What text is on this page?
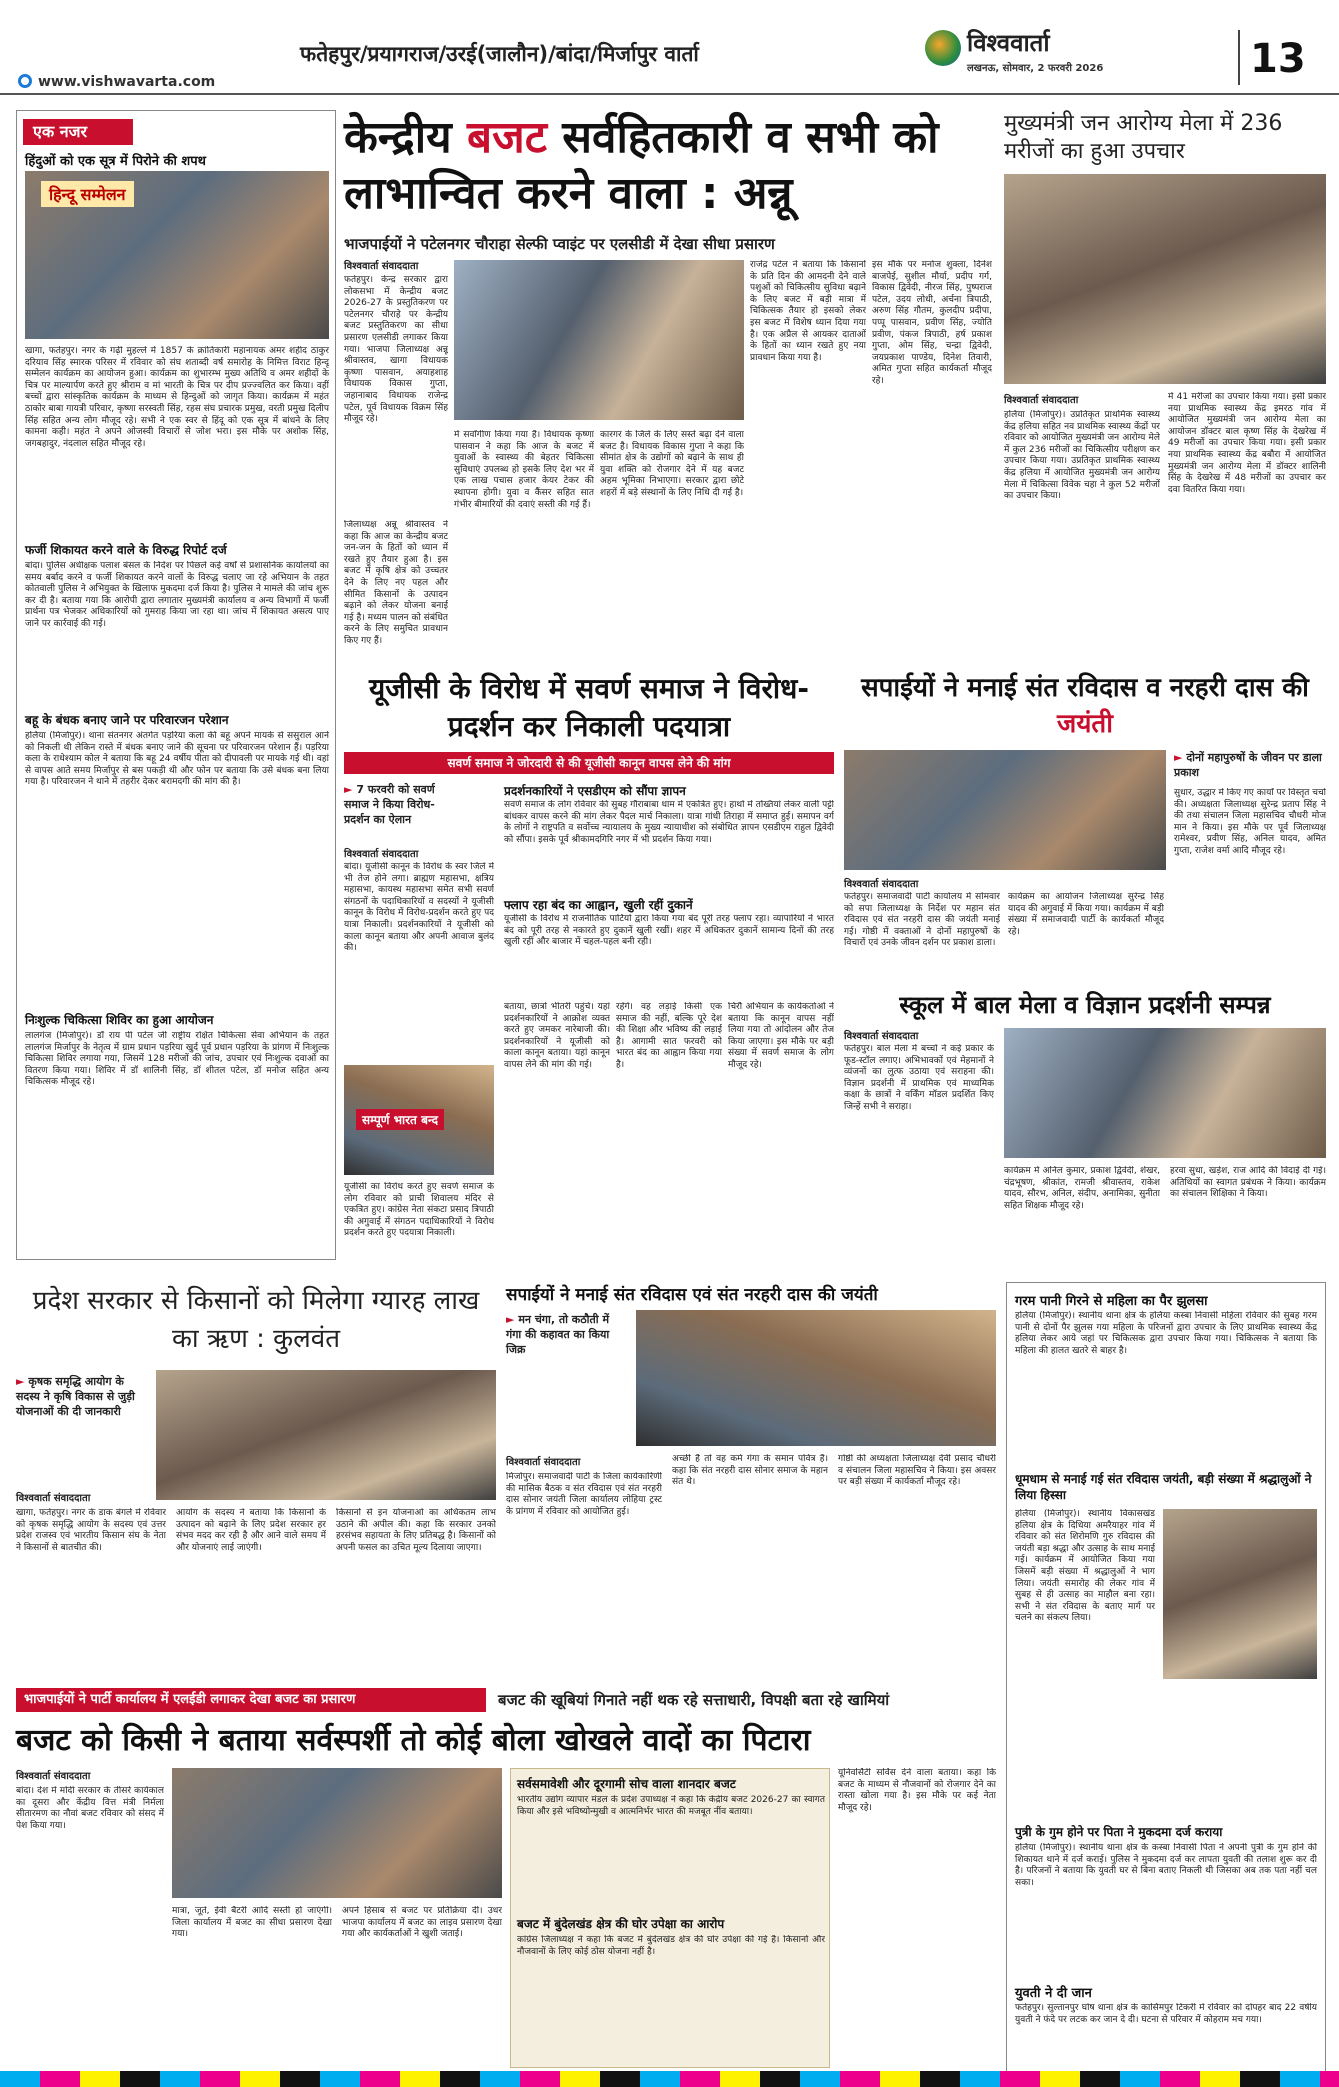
फतेहपुर/प्रयागराज/उरई(जालौन)/बांदा/मिर्जापुर वार्ता	विश्ववार्ता
लखनऊ, सोमवार, 2 फरवरी 2026	13
www.vishwavarta.com
एक नजर
हिंदुओं को एक सूत्र में पिरोने की शपथ
हिन्दू सम्मेलन
खागा, फतेहपुर। नगर के गढ़ी मुहल्ले में 1857 के क्रांतिकारी महानायक अमर शहीद ठाकुर दरियाव सिंह स्मारक परिसर में रविवार को संघ शताब्दी वर्ष समारोह के निमित्त विराट हिन्दू सम्मेलन कार्यक्रम का आयोजन हुआ। कार्यक्रम का शुभारम्भ मुख्य अतिथि व अमर शहीदों के चित्र पर माल्यार्पण करते हुए श्रीराम व मां भारती के चित्र पर दीप प्रज्ज्वलित कर किया। वहीं बच्चों द्वारा सांस्कृतिक कार्यक्रम के माध्यम से हिन्दुओं को जागृत किया। कार्यक्रम में महंत ठाकोर बाबा गायत्री परिवार, कृष्णा सरस्वती सिंह, रहस संघ प्रचारक प्रमुख, वरती प्रमुख दिलीप सिंह सहित अन्य लोग मौजूद रहे। सभी ने एक स्वर से हिंदू को एक सूत्र में बांधने के लिए कामना कही। महंत ने अपने ओजस्वी विचारों से जोश भरा। इस मौके पर अशोक सिंह, जगबहादुर, नंदलाल सहित मौजूद रहे।
फर्जी शिकायत करने वाले के विरुद्ध रिपोर्ट दर्ज
बांदा। पुलिस अधीक्षक पलाश बंसल के निर्देश पर पिछले कई वर्षों से प्रशासनिक कार्यालयों का समय बर्बाद करने व फर्जी शिकायत करने वालों के विरुद्ध चलाए जा रहे अभियान के तहत कोतवाली पुलिस ने अभियुक्त के खिलाफ मुकदमा दर्ज किया है। पुलिस ने मामले की जांच शुरू कर दी है। बताया गया कि आरोपी द्वारा लगातार मुख्यमंत्री कार्यालय व अन्य विभागों में फर्जी प्रार्थना पत्र भेजकर अधिकारियों को गुमराह किया जा रहा था। जांच में शिकायत असत्य पाए जाने पर कार्रवाई की गई।
बहू के बंधक बनाए जाने पर परिवारजन परेशान
हलिया (मिर्जापुर)। थाना संतनगर अंतर्गत पड़रिया कला की बहू अपने मायके से ससुराल आने को निकली थी लेकिन रास्ते में बंधक बनाए जाने की सूचना पर परिवारजन परेशान हैं। पड़रिया कला के राधेश्याम कोल ने बताया कि बहू 24 वर्षीय पीता को दीपावली पर मायके गई थी। वहां से वापस आते समय मिर्जापुर से बस पकड़ी थी और फोन पर बताया कि उसे बंधक बना लिया गया है। परिवारजन ने थाने में तहरीर देकर बरामदगी की मांग की है।
निःशुल्क चिकित्सा शिविर का हुआ आयोजन
लालगंज (मिर्जापुर)। डॉ राय पी पटेल जी राष्ट्रीय रक्षित चिकित्सा सेवा अभियान के तहत लालगंज मिर्जापुर के नेतृत्व में ग्राम प्रधान पड़रिया खुर्द पूर्व प्रधान पड़रिया के प्रांगण में निःशुल्क चिकित्सा शिविर लगाया गया, जिसमें 128 मरीजों की जांच, उपचार एवं निःशुल्क दवाओं का वितरण किया गया। शिविर में डॉ शालिनी सिंह, डॉ शीतल पटेल, डॉ मनोज सहित अन्य चिकित्सक मौजूद रहे।
केन्द्रीय बजट सर्वहितकारी व सभी को लाभान्वित करने वाला : अन्नू
भाजपाईयों ने पटेलनगर चौराहा सेल्फी प्वाइंट पर एलसीडी में देखा सीधा प्रसारण
विश्ववार्ता संवाददाता
फतेहपुर। केन्द्र सरकार द्वारा लोकसभा में केन्द्रीय बजट 2026-27 के प्रस्तुतिकरण पर पटेलनगर चौराहे पर केन्द्रीय बजट प्रस्तुतिकरण का सीधा प्रसारण एलसीडी लगाकर किया गया। भाजपा जिलाध्यक्ष अन्नू श्रीवास्तव, खागा विधायक कृष्णा पासवान, अयाहशाह विधायक विकास गुप्ता, जहानाबाद विधायक राजेन्द्र पटेल, पूर्व विधायक विक्रम सिंह मौजूद रहे।
जिलाध्यक्ष अन्नू श्रीवास्तव ने कहा कि आज का केन्द्रीय बजट जन-जन के हितों को ध्यान में रखते हुए तैयार हुआ है। इस बजट में कृषि क्षेत्र को उच्चतर देने के लिए नए पहल और सीमित किसानों के उत्पादन बढ़ाने को लेकर योजना बनाई गई है। मध्यम पालन को संबंधित करने के लिए समुचित प्रावधान किए गए हैं।
में सर्वांगीण किया गया है। विधायक कृष्णा पासवान ने कहा कि आज के बजट में युवाओं के स्वास्थ्य की बेहतर चिकित्सा सुविधाएं उपलब्ध हो इसके लिए देश भर में एक लाख पचास हजार केयर टेकर की स्थापना होगी। युवा व कैंसर सहित सात गंभीर बीमारियों की दवाएं सस्ती की गई हैं।
कारगर के जिले के लिए सस्ते बढ़ा देने वाला बजट है। विधायक विकास गुप्ता ने कहा कि सीमांत क्षेत्र के उद्योगों को बढ़ाने के साथ ही युवा शक्ति को रोजगार देने में यह बजट अहम भूमिका निभाएगा। सरकार द्वारा छोटे शहरों में बड़े संस्थानों के लिए निधि दी गई है।
राजेंद्र पटेल ने बताया कि किसानों के प्रति दिन की आमदनी देने वाले पशुओं को चिकित्सीय सुविधा बढ़ाने के लिए बजट में बड़ी मात्रा में चिकित्सक तैयार हो इसको लेकर इस बजट में विशेष ध्यान दिया गया है। एक अप्रैल से आयकर दाताओं के हितों का ध्यान रखते हुए नया प्रावधान किया गया है।
इस मौके पर मनोज शुक्ला, दिनेश बाजपेई, सुशील मौर्या, प्रदीप गर्ग, विकास द्विवेदी, नीरज सिंह, पुष्पराज पटेल, उदय लोधी, अर्चना त्रिपाठी, अरुण सिंह गौतम, कुलदीप प्रदीपा, पप्पू पासवान, प्रवीण सिंह, ज्योति प्रवीण, पंकज त्रिपाठी, हर्ष प्रकाश गुप्ता, ओम सिंह, चन्द्रा द्विवेदी, जयप्रकाश पाण्डेय, दिनेश तिवारी, अमित गुप्ता सहित कार्यकर्ता मौजूद रहे।
मुख्यमंत्री जन आरोग्य मेला में 236 मरीजों का हुआ उपचार
विश्ववार्ता संवाददाता
हलिया (मिर्जापुर)। उप्रतिकृत प्राथमिक स्वास्थ्य केंद्र हलिया सहित नव प्राथमिक स्वास्थ्य केंद्रों पर रविवार को आयोजित मुख्यमंत्री जन आरोग्य मेले में कुल 236 मरीजों का चिकित्सीय परीक्षण कर उपचार किया गया। उप्रतिकृत प्राथमिक स्वास्थ्य केंद्र हलिया में आयोजित मुख्यमंत्री जन आरोग्य मेला में चिकित्सा विवेक चहा ने कुल 52 मरीजों का उपचार किया।
में 41 मरीजों का उपचार किया गया। इसी प्रकार नया प्राथमिक स्वास्थ्य केंद्र इमरठ गांव में आयोजित मुख्यमंत्री जन आरोग्य मेला का आयोजन डॉक्टर बाल कृष्ण सिंह के देखरेख में 49 मरीजों का उपचार किया गया। इसी प्रकार नया प्राथमिक स्वास्थ्य केंद्र बबौरा में आयोजित मुख्यमंत्री जन आरोग्य मेला में डॉक्टर शालिनी सिंह के देखरेख में 48 मरीजों का उपचार कर दवा वितरित किया गया।
यूजीसी के विरोध में सवर्ण समाज ने विरोध-प्रदर्शन कर निकाली पदयात्रा
सवर्ण समाज ने जोरदारी से की यूजीसी कानून वापस लेने की मांग
► 7 फरवरी को सवर्ण समाज ने किया विरोध-प्रदर्शन का ऐलान
विश्ववार्ता संवाददाता
बांदा। यूजीसी कानून के विरोध के स्वर जिले में भी तेज होने लगा। ब्राह्मण महासभा, क्षत्रिय महासभा, कायस्थ महासभा समेत सभी सवर्ण संगठनों के पदाधिकारियों व सदस्यों ने यूजीसी कानून के विरोध में विरोध-प्रदर्शन करते हुए पद यात्रा निकाली। प्रदर्शनकारियों ने यूजीसी को काला कानून बताया और अपनी आवाज बुलंद की।
प्रदर्शनकारियों ने एसडीएम को सौंपा ज्ञापन
सवर्ण समाज के लोग रविवार की सुबह गौराबाबा धाम में एकत्रित हुए। हाथों में तख्तियां लेकर वाली पट्टी बांधकर वापस करने की मांग लेकर पैदल मार्च निकाला। यात्रा गांधी तिराहा में समाप्त हुई। समापन वर्ग के लोगों ने राष्ट्रपति व सर्वोच्च न्यायालय के मुख्य न्यायाधीश को संबोधित ज्ञापन एसडीएम राहुल द्विवेदी को सौंपा। इसके पूर्व श्रीकामदगिरि नगर में भी प्रदर्शन किया गया।
फ्लाप रहा बंद का आह्वान, खुली रहीं दुकानें
यूजीसी के विरोध में राजनीतिक पार्टियों द्वारा किया गया बंद पूरी तरह फ्लाप रहा। व्यापारियों ने भारत बंद को पूरी तरह से नकारते हुए दुकानें खुली रखीं। शहर में अधिकतर दुकानें सामान्य दिनों की तरह खुली रहीं और बाजार में चहल-पहल बनी रही।
सम्पूर्ण भारत बन्द
यूजीसी का विरोध करते हुए सवर्ण समाज के लोग रविवार को प्राची शिवालय मंदिर से एकत्रित हुए। कांग्रेस नेता संकटा प्रसाद त्रिपाठी की अगुवाई में संगठन पदाधिकारियों ने विरोध प्रदर्शन करते हुए पदयात्रा निकाली।
बताया, छात्रों भीतरी पहुंचे। यहां प्रदर्शनकारियों ने आक्रोश व्यक्त करते हुए जमकर नारेबाजी की। प्रदर्शनकारियों ने यूजीसी को काला कानून बताया। यहां कानून वापस लेने की मांग की गई।
रहेंगे। वह लड़ाई किसी एक समाज की नहीं, बल्कि पूरे देश की शिक्षा और भविष्य की लड़ाई है। आगामी सात फरवरी को भारत बंद का आह्वान किया गया है।
चिरौ अभियान के कार्यकर्ताओं ने बताया कि कानून वापस नहीं लिया गया तो आंदोलन और तेज किया जाएगा। इस मौके पर बड़ी संख्या में सवर्ण समाज के लोग मौजूद रहे।
सपाईयों ने मनाई संत रविदास व नरहरी दास की जयंती
► दोनों महापुरुषों के जीवन पर डाला प्रकाश
विश्ववार्ता संवाददाता
फतेहपुर। समाजवादी पार्टी कार्यालय में सोमवार को सपा जिलाध्यक्ष के निर्देश पर महान संत रविदास एवं संत नरहरी दास की जयंती मनाई गई। गोष्ठी में वक्ताओं ने दोनों महापुरुषों के विचारों एवं उनके जीवन दर्शन पर प्रकाश डाला।
कार्यक्रम का आयोजन जिलाध्यक्ष सुरेन्द्र सिंह यादव की अगुवाई में किया गया। कार्यक्रम में बड़ी संख्या में समाजवादी पार्टी के कार्यकर्ता मौजूद रहे।
सुधार, उद्धार में किए गए कार्यों पर विस्तृत चर्चा की। अध्यक्षता जिलाध्यक्ष सुरेन्द्र प्रताप सिंह ने की तथा संचालन जिला महासचिव चौधरी मोज मान ने किया। इस मौके पर पूर्व जिलाध्यक्ष रामेश्वर, प्रवीण सिंह, अनिल यादव, अमित गुप्ता, राजेश वर्मा आदि मौजूद रहे।
स्कूल में बाल मेला व विज्ञान प्रदर्शनी सम्पन्न
विश्ववार्ता संवाददाता
फतेहपुर। बाल मेला में बच्चों ने कई प्रकार के फूड-स्टॉल लगाए। अभिभावकों एवं मेहमानों ने व्यंजनों का लुत्फ उठाया एवं सराहना की। विज्ञान प्रदर्शनी में प्राथमिक एवं माध्यमिक कक्षा के छात्रों ने वर्किंग मॉडल प्रदर्शित किए जिन्हें सभी ने सराहा।
कार्यक्रम में अनिल कुमार, प्रकाश द्विवेदी, शेखर, चंद्रभूषण, श्रीकांत, रामजी श्रीवास्तव, राकेश यादव, सौरभ, अनिल, संदीप, अनामिका, सुनीता सहित शिक्षक मौजूद रहे।
हरवा सुधा, खड़ेश, राज आदि की विदाई दी गई। अतिथियों का स्वागत प्रबंधक ने किया। कार्यक्रम का संचालन शिक्षिका ने किया।
प्रदेश सरकार से किसानों को मिलेगा ग्यारह लाख का ऋण : कुलवंत
► कृषक समृद्धि आयोग के सदस्य ने कृषि विकास से जुड़ी योजनाओं की दी जानकारी
विश्ववार्ता संवाददाता
खागा, फतेहपुर। नगर के डाक बंगले में रविवार को कृषक समृद्धि आयोग के सदस्य एवं उत्तर प्रदेश राजस्व एवं भारतीय किसान संघ के नेता ने किसानों से बातचीत की।
आयोग के सदस्य ने बताया कि किसानों के उत्पादन को बढ़ाने के लिए प्रदेश सरकार हर संभव मदद कर रही है और आने वाले समय में और योजनाएं लाई जाएंगी।
किसानों से इन योजनाओं का अधिकतम लाभ उठाने की अपील की। कहा कि सरकार उनको हरसंभव सहायता के लिए प्रतिबद्ध है। किसानों को अपनी फसल का उचित मूल्य दिलाया जाएगा।
सपाईयों ने मनाई संत रविदास एवं संत नरहरी दास की जयंती
► मन चंगा, तो कठौती में गंगा की कहावत का किया जिक्र
विश्ववार्ता संवाददाता
मिर्जापुर। समाजवादी पार्टी के जिला कार्यकारिणी की मासिक बैठक व संत रविदास एवं संत नरहरी दास सोनार जयंती जिला कार्यालय लोहिया ट्रस्ट के प्रांगण में रविवार को आयोजित हुई।
अच्छी है तो वह कर्म गंगा के समान पवित्र है। कहा कि संत नरहरी दास सोनार समाज के महान संत थे।
गोष्ठी की अध्यक्षता जिलाध्यक्ष देवी प्रसाद चौधरी व संचालन जिला महासचिव ने किया। इस अवसर पर बड़ी संख्या में कार्यकर्ता मौजूद रहे।
गरम पानी गिरने से महिला का पैर झुलसा
हलिया (मिर्जापुर)। स्थानीय थाना क्षेत्र के हलिया कस्बा निवासी महिला रविवार की सुबह गरम पानी से दोनों पैर झुलस गया महिला के परिजनों द्वारा उपचार के लिए प्राथमिक स्वास्थ्य केंद्र हलिया लेकर आये जहां पर चिकित्सक द्वारा उपचार किया गया। चिकित्सक ने बताया कि महिला की हालत खतरे से बाहर है।
धूमधाम से मनाई गई संत रविदास जयंती, बड़ी संख्या में श्रद्धालुओं ने लिया हिस्सा
हलिया (मिर्जापुर)। स्थानीय विकासखंड हलिया क्षेत्र के दिधिया अमरैयाहर गांव में रविवार को संत शिरोमणि गुरु रविदास की जयंती बड़ा श्रद्धा और उत्साह के साथ मनाई गई। कार्यक्रम में आयोजित किया गया जिसमें बड़ी संख्या में श्रद्धालुओं ने भाग लिया। जयंती समारोह की लेकर गांव में सुबह से ही उत्साह का माहौल बना रहा। सभी ने संत रविदास के बताए मार्ग पर चलने का संकल्प लिया।
पुत्री के गुम होने पर पिता ने मुकदमा दर्ज कराया
हलिया (मिर्जापुर)। स्थानीय थाना क्षेत्र के कस्बा निवासी पिता ने अपनी पुत्री के गुम होने की शिकायत थाने में दर्ज कराई। पुलिस ने मुकदमा दर्ज कर लापता युवती की तलाश शुरू कर दी है। परिजनों ने बताया कि युवती घर से बिना बताए निकली थी जिसका अब तक पता नहीं चल सका।
युवती ने दी जान
फतेहपुर। सुल्तानपुर घोष थाना क्षेत्र के कासिमपुर टिकरी में रविवार को दोपहर बाद 22 वर्षीय युवती ने फंदे पर लटक कर जान दे दी। घटना से परिवार में कोहराम मच गया।
भाजपाईयों ने पार्टी कार्यालय में एलईडी लगाकर देखा बजट का प्रसारण	बजट की खूबियां गिनाते नहीं थक रहे सत्ताधारी, विपक्षी बता रहे खामियां
बजट को किसी ने बताया सर्वस्पर्शी तो कोई बोला खोखले वादों का पिटारा
विश्ववार्ता संवाददाता
बांदा। देश में मोदी सरकार के तीसरे कार्यकाल का दूसरा और केंद्रीय वित्त मंत्री निर्मला सीतारमण का नौवां बजट रविवार को संसद में पेश किया गया।
मात्रा, जूते, ईवी बैटरी आदि सस्ती हो जाएंगी। जिला कार्यालय में बजट का सीधा प्रसारण देखा गया।
अपने हिसाब से बजट पर प्रतिक्रिया दी। उधर भाजपा कार्यालय में बजट का लाइव प्रसारण देखा गया और कार्यकर्ताओं ने खुशी जताई।
सर्वसमावेशी और दूरगामी सोच वाला शानदार बजट
भारतीय उद्योग व्यापार मंडल के प्रदेश उपाध्यक्ष ने कहा कि केंद्रीय बजट 2026-27 का स्वागत किया और इसे भविष्योन्मुखी व आत्मनिर्भर भारत की मजबूत नींव बताया।
बजट में बुंदेलखंड क्षेत्र की घोर उपेक्षा का आरोप
कांग्रेस जिलाध्यक्ष ने कहा कि बजट में बुंदेलखंड क्षेत्र की घोर उपेक्षा की गई है। किसानों और नौजवानों के लिए कोई ठोस योजना नहीं है।
यूनिवर्सिटी सर्विस देने वाला बताया। कहा कि बजट के माध्यम से नौजवानों को रोजगार देने का रास्ता खोला गया है। इस मौके पर कई नेता मौजूद रहे।
